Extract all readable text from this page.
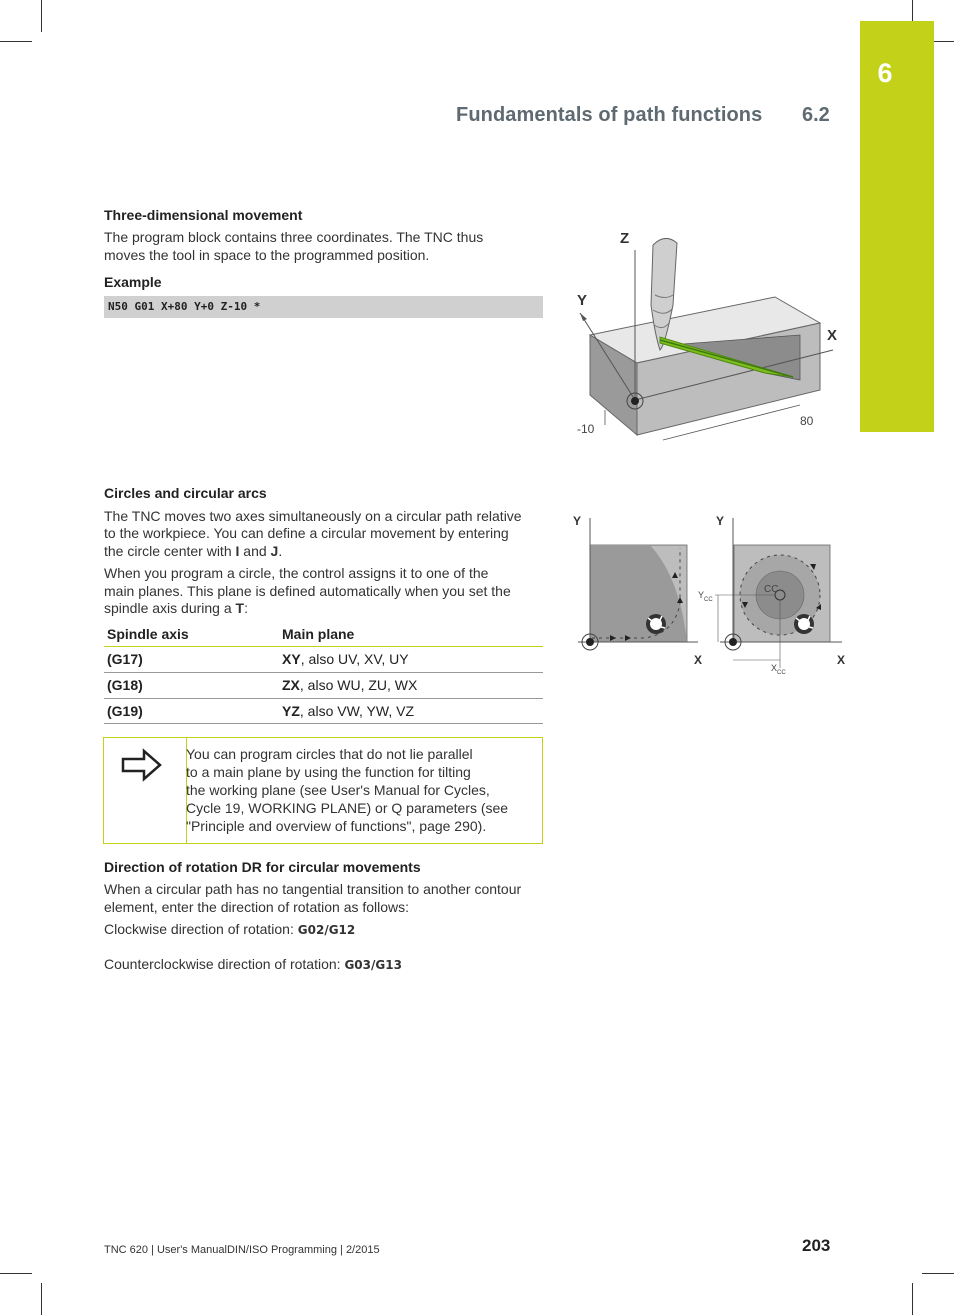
6
Fundamentals of path functions 6.2
Three-dimensional movement
The program block contains three coordinates. The TNC thus
moves the tool in space to the programmed position.
Example
N50 G01 X+80 Y+0 Z-10 *
Z
Y
X
80
-10
Circles and circular arcs
The TNC moves two axes simultaneously on a circular path relative
to the workpiece. You can define a circular movement by entering
the circle center with I and J.
When you program a circle, the control assigns it to one of the
main planes. This plane is defined automatically when you set the
spindle axis during a T:
Y
X
Y
X
CC
Y CC
X CC
Spindle axis	Main plane
(G17)	XY, also UV, XV, UY
(G18)	ZX, also WU, ZU, WX
(G19)	YZ, also VW, YW, VZ
You can program circles that do not lie parallel
to a main plane by using the function for tilting
the working plane (see User's Manual for Cycles,
Cycle 19, WORKING PLANE) or Q parameters (see
"Principle and overview of functions", page 290).
Direction of rotation DR for circular movements
When a circular path has no tangential transition to another contour
element, enter the direction of rotation as follows:
Clockwise direction of rotation: G02/G12
Counterclockwise direction of rotation: G03/G13
TNC 620 | User's ManualDIN/ISO Programming | 2/2015	203
